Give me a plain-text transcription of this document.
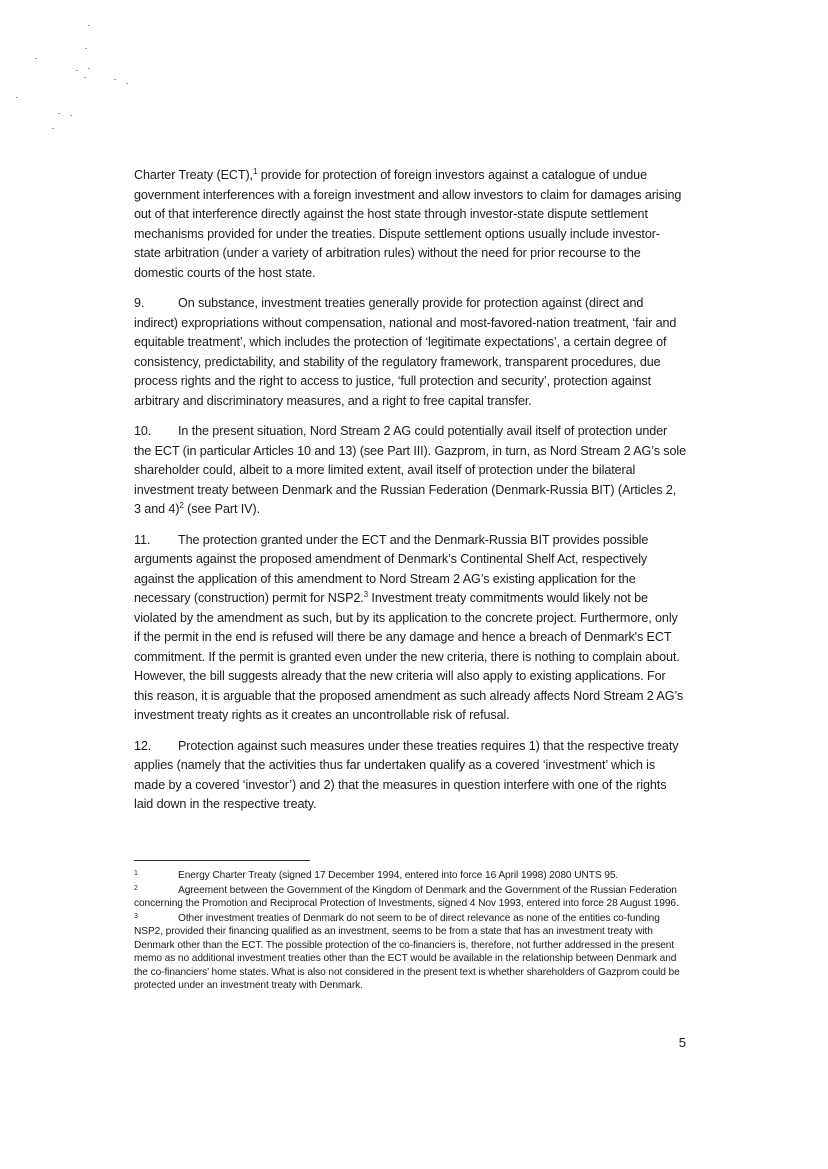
Charter Treaty (ECT),$^1$ provide for protection of foreign investors against a catalogue of undue government interferences with a foreign investment and allow investors to claim for damages arising out of that interference directly against the host state through investor-state dispute settlement mechanisms provided for under the treaties. Dispute settlement options usually include investor-state arbitration (under a variety of arbitration rules) without the need for prior recourse to the domestic courts of the host state.

9.	On substance, investment treaties generally provide for protection against (direct and indirect) expropriations without compensation, national and most-favored-nation treatment, ‘fair and equitable treatment’, which includes the protection of ‘legitimate expectations’, a certain degree of consistency, predictability, and stability of the regulatory framework, transparent procedures, due process rights and the right to access to justice, ‘full protection and security’, protection against arbitrary and discriminatory measures, and a right to free capital transfer.

10. In the present situation, Nord Stream 2 AG could potentially avail itself of protection under the ECT (in particular Articles 10 and 13) (see Part III). Gazprom, in turn, as Nord Stream 2 AG’s sole shareholder could, albeit to a more limited extent, avail itself of protection under the bilateral investment treaty between Denmark and the Russian Federation (Denmark-Russia BIT) (Articles 2, 3 and 4)$^2$ (see Part IV).

11. The protection granted under the ECT and the Denmark-Russia BIT provides possible arguments against the proposed amendment of Denmark’s Continental Shelf Act, respectively against the application of this amendment to Nord Stream 2 AG’s existing application for the necessary (construction) permit for NSP2.$^3$ Investment treaty commitments would likely not be violated by the amendment as such, but by its application to the concrete project. Furthermore, only if the permit in the end is refused will there be any damage and hence a breach of Denmark's ECT commitment. If the permit is granted even under the new criteria, there is nothing to complain about. However, the bill suggests already that the new criteria will also apply to existing applications. For this reason, it is arguable that the proposed amendment as such already affects Nord Stream 2 AG’s investment treaty rights as it creates an uncontrollable risk of refusal.

12. Protection against such measures under these treaties requires 1) that the respective treaty applies (namely that the activities thus far undertaken qualify as a covered ‘investment’ which is made by a covered ‘investor’) and 2) that the measures in question interfere with one of the rights laid down in the respective treaty.

1	Energy Charter Treaty (signed 17 December 1994, entered into force 16 April 1998) 2080 UNTS 95.
2	Agreement between the Government of the Kingdom of Denmark and the Government of the Russian Federation concerning the Promotion and Reciprocal Protection of Investments, signed 4 Nov 1993, entered into force 28 August 1996.
3	Other investment treaties of Denmark do not seem to be of direct relevance as none of the entities co-funding NSP2, provided their financing qualified as an investment, seems to be from a state that has an investment treaty with Denmark other than the ECT. The possible protection of the co-financiers is, therefore, not further addressed in the present memo as no additional investment treaties other than the ECT would be available in the relationship between Denmark and the co-financiers’ home states. What is also not considered in the present text is whether shareholders of Gazprom could be protected under an investment treaty with Denmark.
5
